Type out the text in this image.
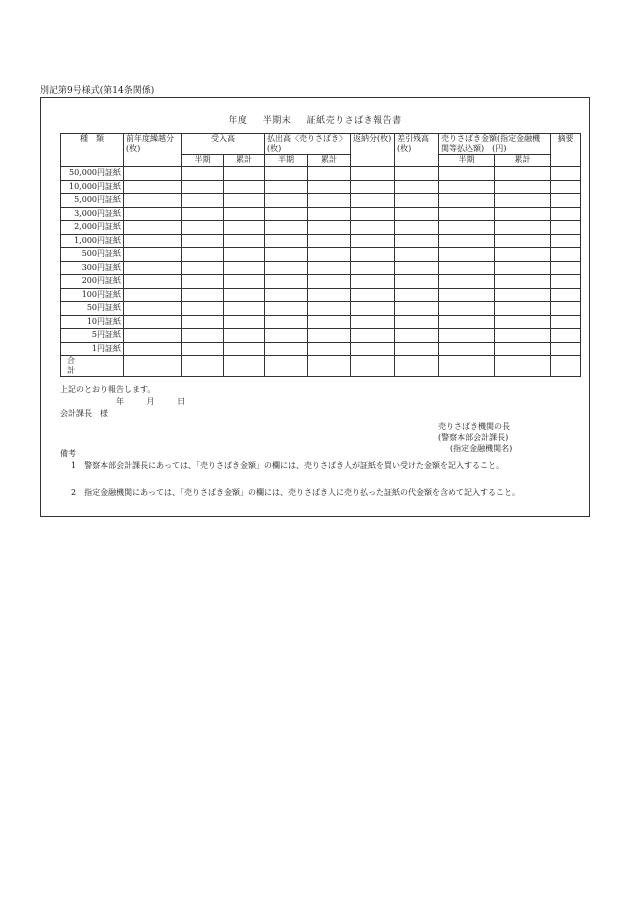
別記第9号様式(第14条関係)
年度 半期末 証紙売りさばき報告書
種　類	前年度繰越分(枚)	受入高		払出高〈売りさばき〉(枚)		返納分(枚)	差引残高(枚)	売りさばき金額(指定金融機関等払込額)　(円)		摘要
		半期	累計	半期	累計			半期	累計	
50,000円証紙										
10,000円証紙										
5,000円証紙										
3,000円証紙										
2,000円証紙										
1,000円証紙										
500円証紙										
300円証紙										
200円証紙										
100円証紙										
50円証紙										
10円証紙										
5円証紙										
1円証紙										
合　計										
上記のとおり報告します。
年	月	日
会計課長　様
売りさばき機関の長
(警察本部会計課長)
(指定金融機関名)
備考
1　警察本部会計課長にあっては、「売りさばき金額」の欄には、売りさばき人が証紙を買い受けた金額を記入すること。
2　指定金融機関にあっては、「売りさばき金額」の欄には、売りさばき人に売り払った証紙の代金額を含めて記入すること。
